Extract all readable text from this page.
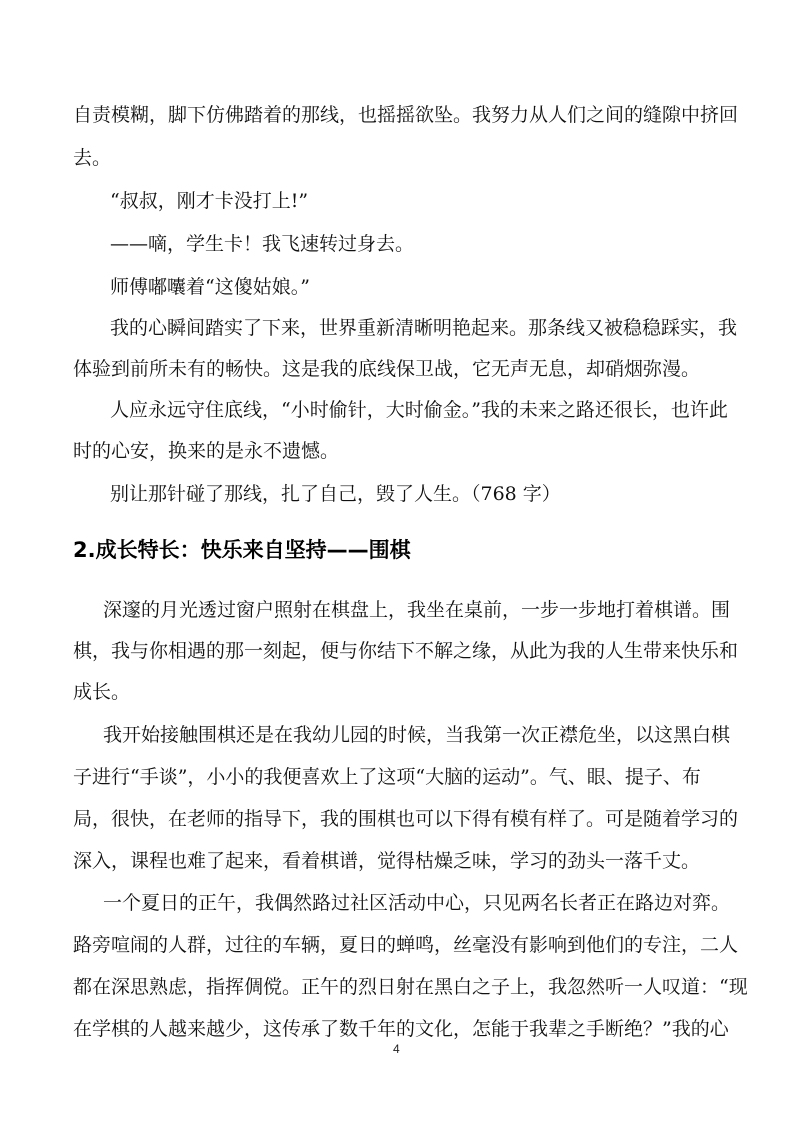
自责模糊，脚下仿佛踏着的那线，也摇摇欲坠。我努力从人们之间的缝隙中挤回
去。
“叔叔，刚才卡没打上!”
——嘀，学生卡！我飞速转过身去。
师傅嘟囔着“这傻姑娘。”
我的心瞬间踏实了下来，世界重新清晰明艳起来。那条线又被稳稳踩实，我
体验到前所未有的畅快。这是我的底线保卫战，它无声无息，却硝烟弥漫。
人应永远守住底线，“小时偷针，大时偷金。”我的未来之路还很长，也许此
时的心安，换来的是永不遗憾。
别让那针碰了那线，扎了自己，毁了人生。（768 字）
2.成长特长：快乐来自坚持——围棋
深邃的月光透过窗户照射在棋盘上，我坐在桌前，一步一步地打着棋谱。围
棋，我与你相遇的那一刻起，便与你结下不解之缘，从此为我的人生带来快乐和
成长。
我开始接触围棋还是在我幼儿园的时候，当我第一次正襟危坐，以这黑白棋
子进行“手谈”，小小的我便喜欢上了这项“大脑的运动”。气、眼、提子、布
局，很快，在老师的指导下，我的围棋也可以下得有模有样了。可是随着学习的
深入，课程也难了起来，看着棋谱，觉得枯燥乏味，学习的劲头一落千丈。
一个夏日的正午，我偶然路过社区活动中心，只见两名长者正在路边对弈。
路旁喧闹的人群，过往的车辆，夏日的蝉鸣，丝毫没有影响到他们的专注，二人
都在深思熟虑，指挥倜傥。正午的烈日射在黑白之子上，我忽然听一人叹道：“现
在学棋的人越来越少，这传承了数千年的文化，怎能于我辈之手断绝？”我的心
4
